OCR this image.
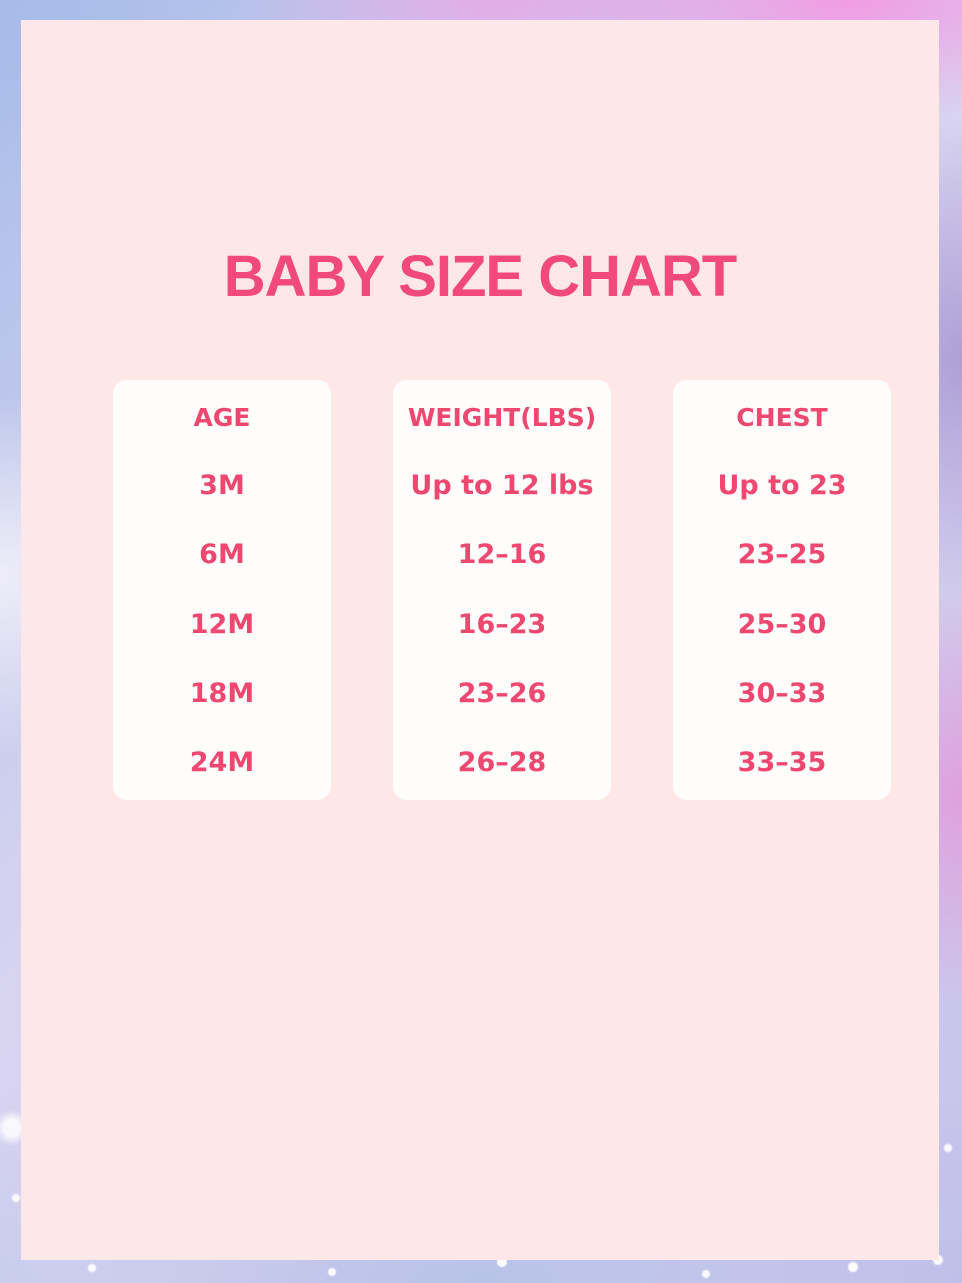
BABY SIZE CHART
AGE
3M
6M
12M
18M
24M
WEIGHT(LBS)
Up to 12 lbs
12–16
16–23
23–26
26–28
CHEST
Up to 23
23–25
25–30
30–33
33–35
